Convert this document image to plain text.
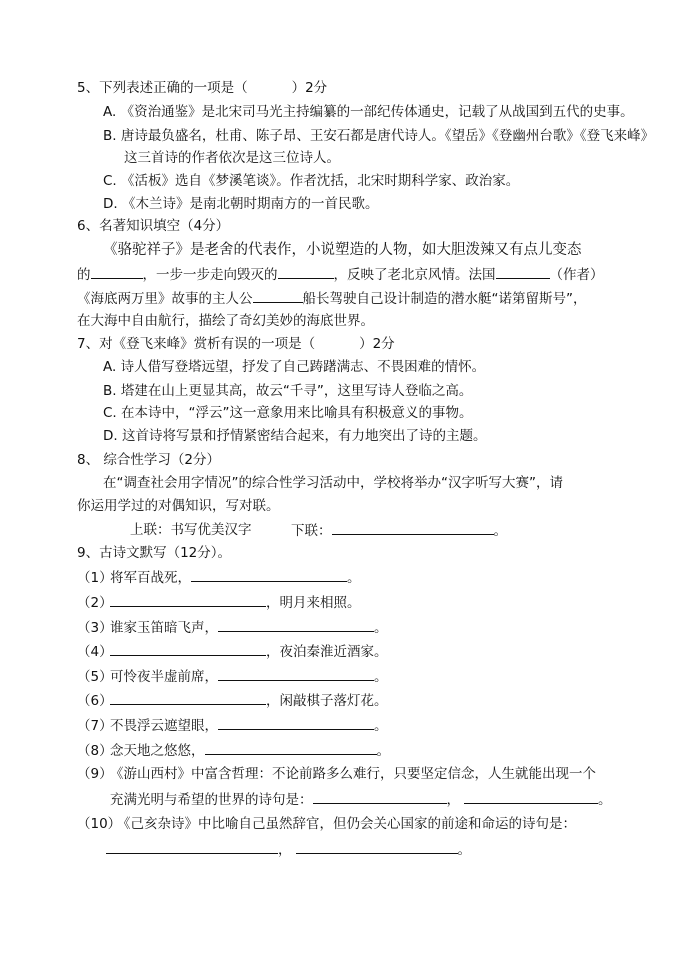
5、下列表述正确的一项是（	）2分
A. 《资治通鉴》是北宋司马光主持编纂的一部纪传体通史，记载了从战国到五代的史事。
B. 唐诗最负盛名，杜甫、陈子昂、王安石都是唐代诗人。《望岳》《登幽州台歌》《登飞来峰》
这三首诗的作者依次是这三位诗人。
C. 《活板》选自《梦溪笔谈》。作者沈括，北宋时期科学家、政治家。
D. 《木兰诗》是南北朝时期南方的一首民歌。
6、名著知识填空（4分）
《骆驼祥子》是老舍的代表作，小说塑造的人物，如大胆泼辣又有点儿变态
的	，一步一步走向毁灭的	，反映了老北京风情。法国	（作者）
《海底两万里》故事的主人公	船长驾驶自己设计制造的潜水艇“诺第留斯号”，
在大海中自由航行，描绘了奇幻美妙的海底世界。
7、对《登飞来峰》赏析有误的一项是（	）2分
A. 诗人借写登塔远望，抒发了自己踌躇满志、不畏困难的情怀。
B. 塔建在山上更显其高，故云“千寻”，这里写诗人登临之高。
C. 在本诗中，“浮云”这一意象用来比喻具有积极意义的事物。
D. 这首诗将写景和抒情紧密结合起来，有力地突出了诗的主题。
8、 综合性学习（2分）
在“调查社会用字情况”的综合性学习活动中，学校将举办“汉字听写大赛”，请
你运用学过的对偶知识，写对联。
上联：书写优美汉字	下联：	。
9、古诗文默写（12分）。
（1）将军百战死，	。
（2）	，明月来相照。
（3）谁家玉笛暗飞声，	。
（4）	，夜泊秦淮近酒家。
（5）可怜夜半虚前席，	。
（6）	，闲敲棋子落灯花。
（7）不畏浮云遮望眼，	。
（8）念天地之悠悠，	。
（9）《游山西村》中富含哲理：不论前路多么难行，只要坚定信念，人生就能出现一个
充满光明与希望的世界的诗句是：	，	。
（10）《己亥杂诗》中比喻自己虽然辞官，但仍会关心国家的前途和命运的诗句是：
，	。
